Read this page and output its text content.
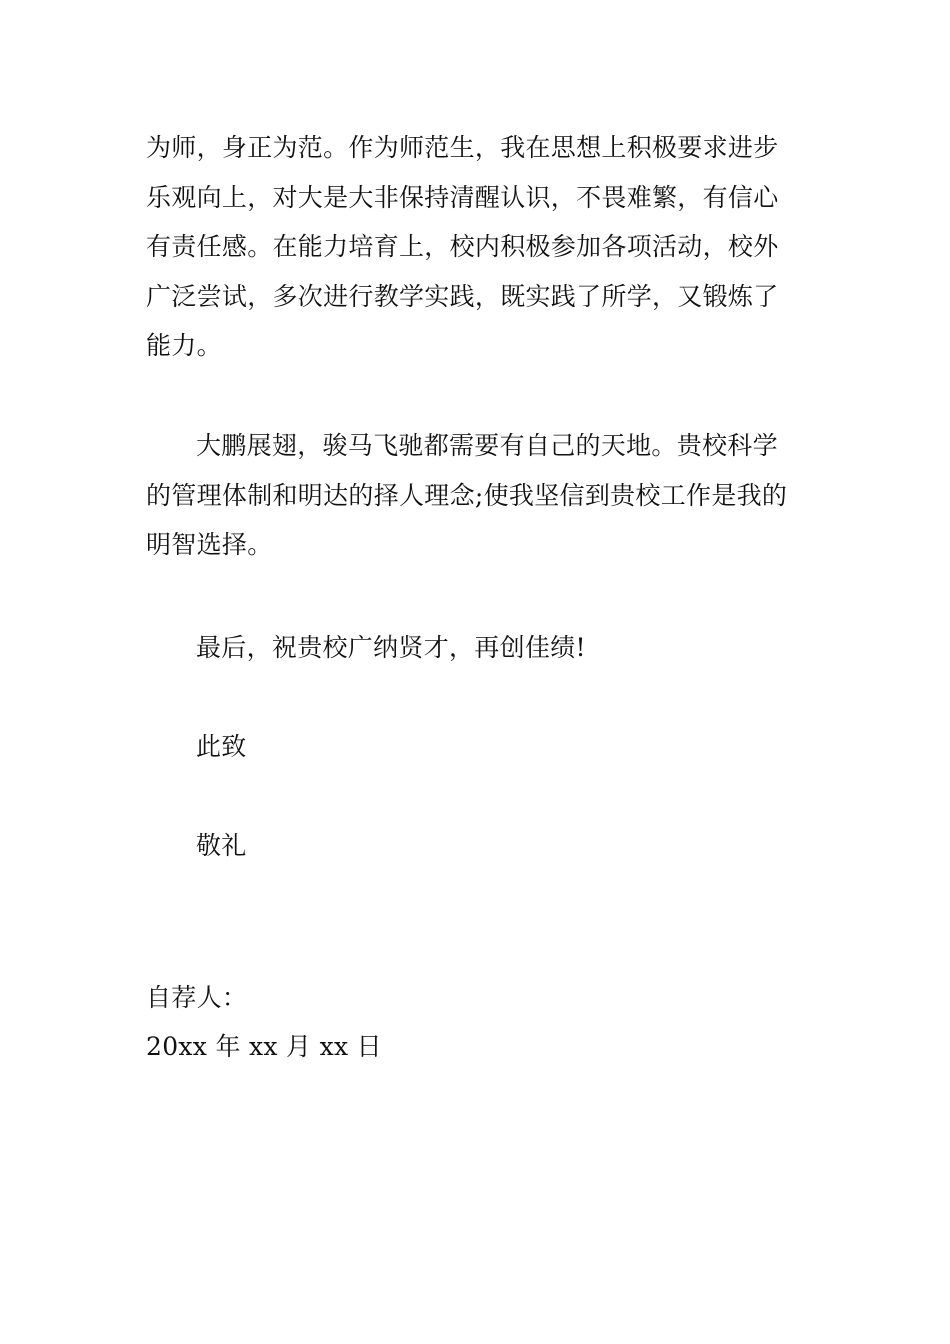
为师，身正为范。作为师范生，我在思想上积极要求进步
乐观向上，对大是大非保持清醒认识，不畏难繁，有信心
有责任感。在能力培育上，校内积极参加各项活动，校外
广泛尝试，多次进行教学实践，既实践了所学，又锻炼了
能力。
大鹏展翅，骏马飞驰都需要有自己的天地。贵校科学
的管理体制和明达的择人理念;使我坚信到贵校工作是我的
明智选择。
最后，祝贵校广纳贤才，再创佳绩!
此致
敬礼
自荐人：
20xx 年 xx 月 xx 日
